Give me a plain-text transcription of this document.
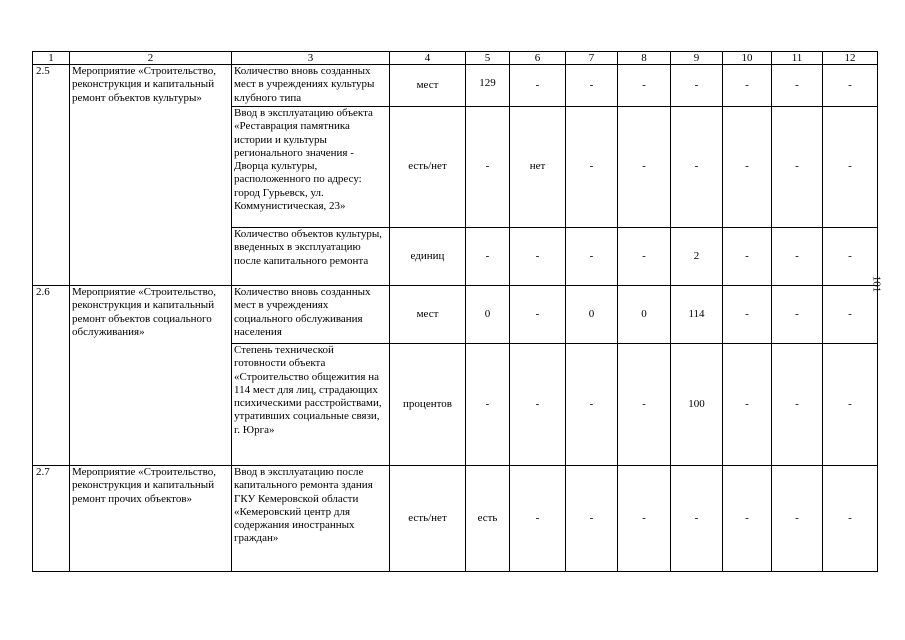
1	2	3	4	5	6	7	8	9	10	11	12
2.5	Мероприятие «Строительство, реконструкция и капитальный ремонт объектов культуры»	Количество вновь созданных мест в учреждениях культуры клубного типа	мест	129	-	-	-	-	-	-	-
		Ввод в эксплуатацию объекта «Реставрация памятника истории и культуры регионального значения - Дворца культуры, расположенного по адресу: город Гурьевск, ул. Коммунистическая, 23»	есть/нет	-	нет	-	-	-	-	-	-
		Количество объектов культуры, введенных в эксплуатацию после капитального ремонта	единиц	-	-	-	-	2	-	-	-
2.6	Мероприятие «Строительство, реконструкция и капитальный ремонт объектов социального обслуживания»	Количество вновь созданных мест в учреждениях социального обслуживания населения	мест	0	-	0	0	114	-	-	-
		Степень технической готовности объекта «Строительство общежития на 114 мест для лиц, страдающих психическими расстройствами, утративших социальные связи, г. Юрга»	процентов	-	-	-	-	100	-	-	-
2.7	Мероприятие «Строительство, реконструкция и капитальный ремонт прочих объектов»	Ввод в эксплуатацию после капитального ремонта здания ГКУ Кемеровской области «Кемеровский центр для содержания иностранных граждан»	есть/нет	есть	-	-	-	-	-	-	-
101
